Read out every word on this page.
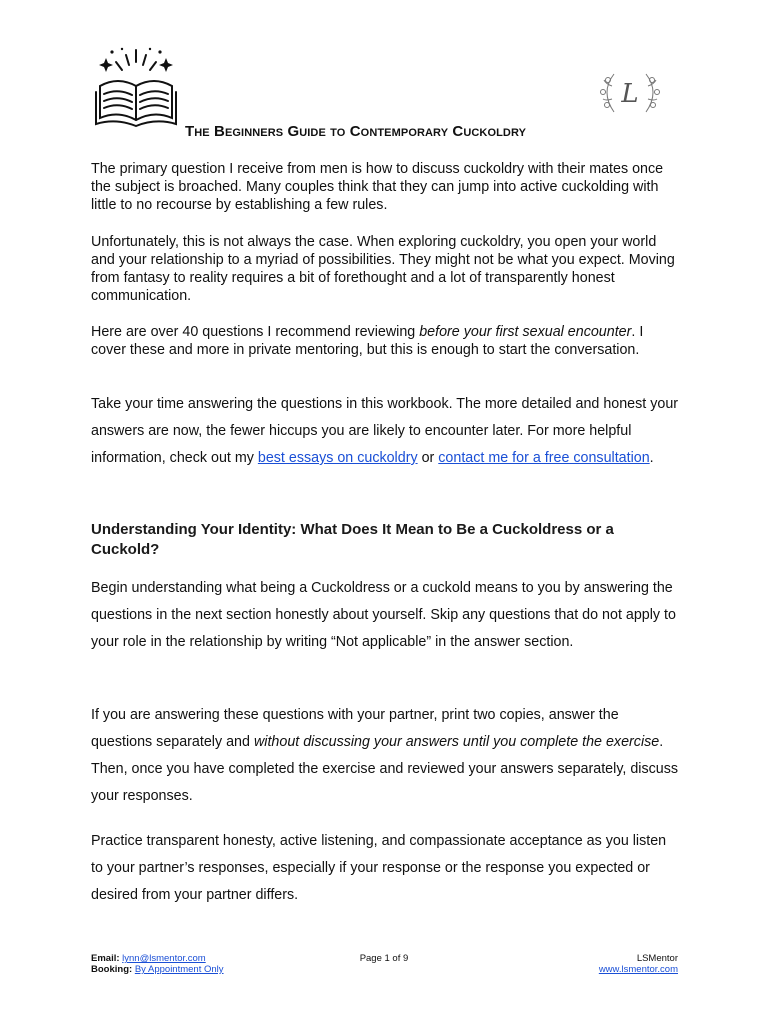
L
The Beginners Guide to Contemporary Cuckoldry

The primary question I receive from men is how to discuss cuckoldry with their mates once the subject is broached. Many couples think that they can jump into active cuckolding with little to no recourse by establishing a few rules.

Unfortunately, this is not always the case. When exploring cuckoldry, you open your world and your relationship to a myriad of possibilities. They might not be what you expect. Moving from fantasy to reality requires a bit of forethought and a lot of transparently honest communication.

Here are over 40 questions I recommend reviewing before your first sexual encounter. I cover these and more in private mentoring, but this is enough to start the conversation.

Take your time answering the questions in this workbook. The more detailed and honest your answers are now, the fewer hiccups you are likely to encounter later. For more helpful information, check out my best essays on cuckoldry or contact me for a free consultation.

Understanding Your Identity: What Does It Mean to Be a Cuckoldress or a Cuckold?

Begin understanding what being a Cuckoldress or a cuckold means to you by answering the questions in the next section honestly about yourself. Skip any questions that do not apply to your role in the relationship by writing “Not applicable” in the answer section.

If you are answering these questions with your partner, print two copies, answer the questions separately and without discussing your answers until you complete the exercise. Then, once you have completed the exercise and reviewed your answers separately, discuss your responses.

Practice transparent honesty, active listening, and compassionate acceptance as you listen to your partner’s responses, especially if your response or the response you expected or desired from your partner differs.

Email: lynn@lsmentor.com
Booking: By Appointment Only
Page 1 of 9	LSMentor
www.lsmentor.com
